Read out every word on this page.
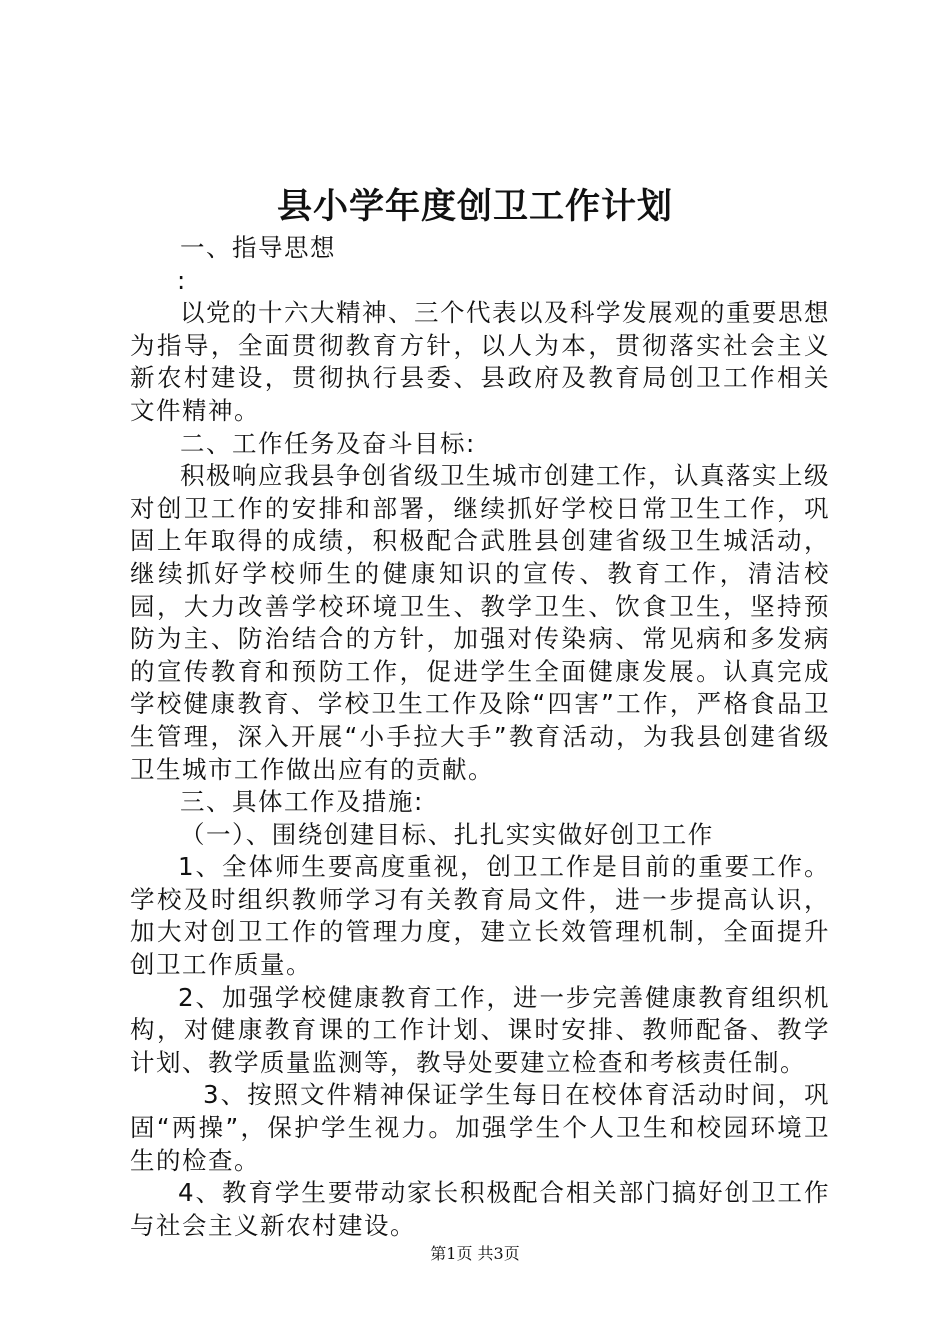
县小学年度创卫工作计划

一、指导思想

:

以党的十六大精神、三个代表以及科学发展观的重要思想为指导，全面贯彻教育方针，以人为本，贯彻落实社会主义新农村建设，贯彻执行县委、县政府及教育局创卫工作相关文件精神。

二、工作任务及奋斗目标:

积极响应我县争创省级卫生城市创建工作，认真落实上级对创卫工作的安排和部署，继续抓好学校日常卫生工作，巩固上年取得的成绩，积极配合武胜县创建省级卫生城活动，继续抓好学校师生的健康知识的宣传、教育工作，清洁校园，大力改善学校环境卫生、教学卫生、饮食卫生，坚持预防为主、防治结合的方针，加强对传染病、常见病和多发病的宣传教育和预防工作，促进学生全面健康发展。认真完成学校健康教育、学校卫生工作及除“四害”工作，严格食品卫生管理，深入开展“小手拉大手”教育活动，为我县创建省级卫生城市工作做出应有的贡献。

三、具体工作及措施:

（一）、围绕创建目标、扎扎实实做好创卫工作

1、全体师生要高度重视，创卫工作是目前的重要工作。学校及时组织教师学习有关教育局文件，进一步提高认识，加大对创卫工作的管理力度，建立长效管理机制，全面提升创卫工作质量。

2、加强学校健康教育工作，进一步完善健康教育组织机构，对健康教育课的工作计划、课时安排、教师配备、教学计划、教学质量监测等，教导处要建立检查和考核责任制。

3、按照文件精神保证学生每日在校体育活动时间，巩固“两操”，保护学生视力。加强学生个人卫生和校园环境卫生的检查。

4、教育学生要带动家长积极配合相关部门搞好创卫工作与社会主义新农村建设。

第1页 共3页
